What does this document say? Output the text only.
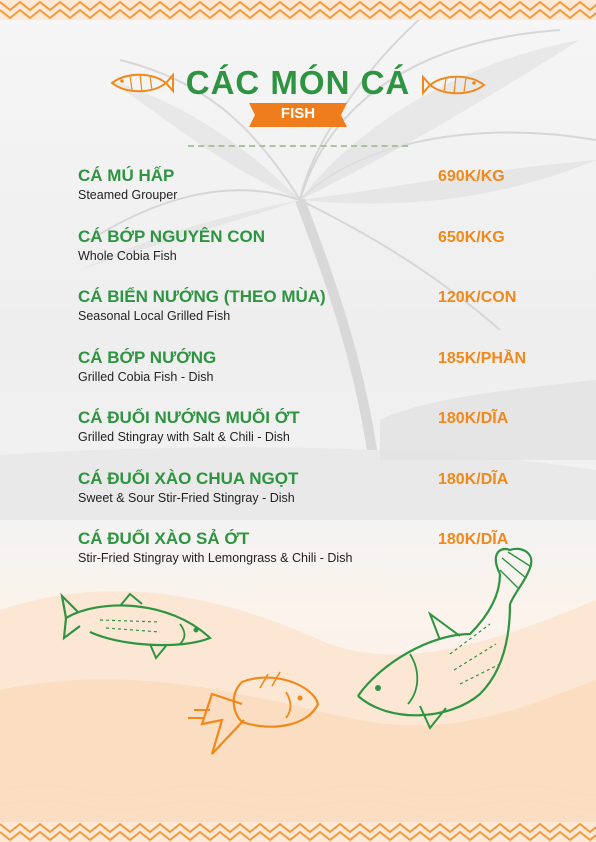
CÁC MÓN CÁ
FISH
CÁ MÚ HẤP
Steamed Grouper
690K/KG
CÁ BỚP NGUYÊN CON
Whole Cobia Fish
650K/KG
CÁ BIỂN NƯỚNG (THEO MÙA)
Seasonal Local Grilled Fish
120K/CON
CÁ BỚP NƯỚNG
Grilled Cobia Fish - Dish
185K/PHẦN
CÁ ĐUỐI NƯỚNG MUỐI ỚT
Grilled Stingray with Salt & Chili - Dish
180K/DĨA
CÁ ĐUỐI XÀO CHUA NGỌT
Sweet & Sour Stir-Fried Stingray - Dish
180K/DĨA
CÁ ĐUỐI XÀO SẢ ỚT
Stir-Fried Stingray with Lemongrass & Chili - Dish
180K/DĨA
